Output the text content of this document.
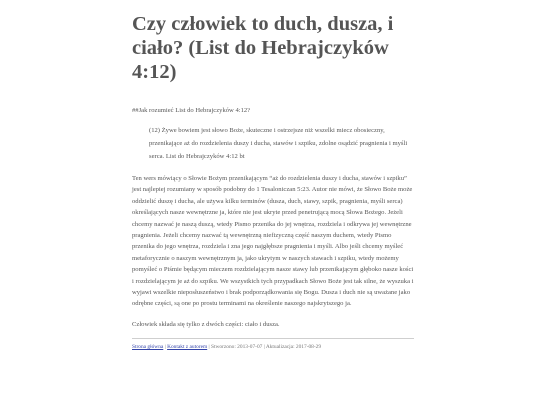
Czy człowiek to duch, dusza, i ciało? (List do Hebrajczyków 4:12)

##Jak rozumieć List do Hebrajczyków 4:12?

(12) Żywe bowiem jest słowo Boże, skuteczne i ostrzejsze niż wszelki miecz obosieczny, przenikające aż do rozdzielenia duszy i ducha, stawów i szpiku, zdolne osądzić pragnienia i myśli serca. List do Hebrajczyków 4:12 bt

Ten wers mówiący o Słowie Bożym przenikającym “aż do rozdzielenia duszy i ducha, stawów i szpiku” jest najlepiej rozumiany w sposób podobny do 1 Tesaloniczan 5:23. Autor nie mówi, że Słowo Boże może oddzielić duszę i ducha, ale używa kilku terminów (dusza, duch, stawy, szpik, pragnienia, myśli serca) określających nasze wewnętrzne ja, które nie jest ukryte przed penetrującą mocą Słowa Bożego. Jeżeli chcemy nazwać je naszą duszą, wtedy Pismo przenika do jej wnętrza, rozdziela i odkrywa jej wewnętrzne pragnienia. Jeżeli chcemy nazwać tą wewnętrzną niefizyczną część naszym duchem, wtedy Pismo przenika do jego wnętrza, rozdziela i zna jego najgłębsze pragnienia i myśli. Albo jeśli chcemy myśleć metaforycznie o naszym wewnętrznym ja, jako ukrytym w naszych stawach i szpiku, wtedy możemy pomyśleć o Piśmie będącym mieczem rozdzielającym nasze stawy lub przenikającym głęboko nasze kości i rozdzielającym je aż do szpiku. We wszystkich tych przypadkach Słowo Boże jest tak silne, że wyszuka i wyjawi wszelkie nieposłuszeństwo i brak podporządkowania się Bogu. Dusza i duch nie są uważane jako odrębne części, są one po prostu terminami na określenie naszego najskrytszego ja.

Człowiek składa się tylko z dwóch części: ciało i dusza.

Strona główna | Kontakt z autorem | Stworzono: 2013-07-07 | Aktualizacja: 2017-08-29
